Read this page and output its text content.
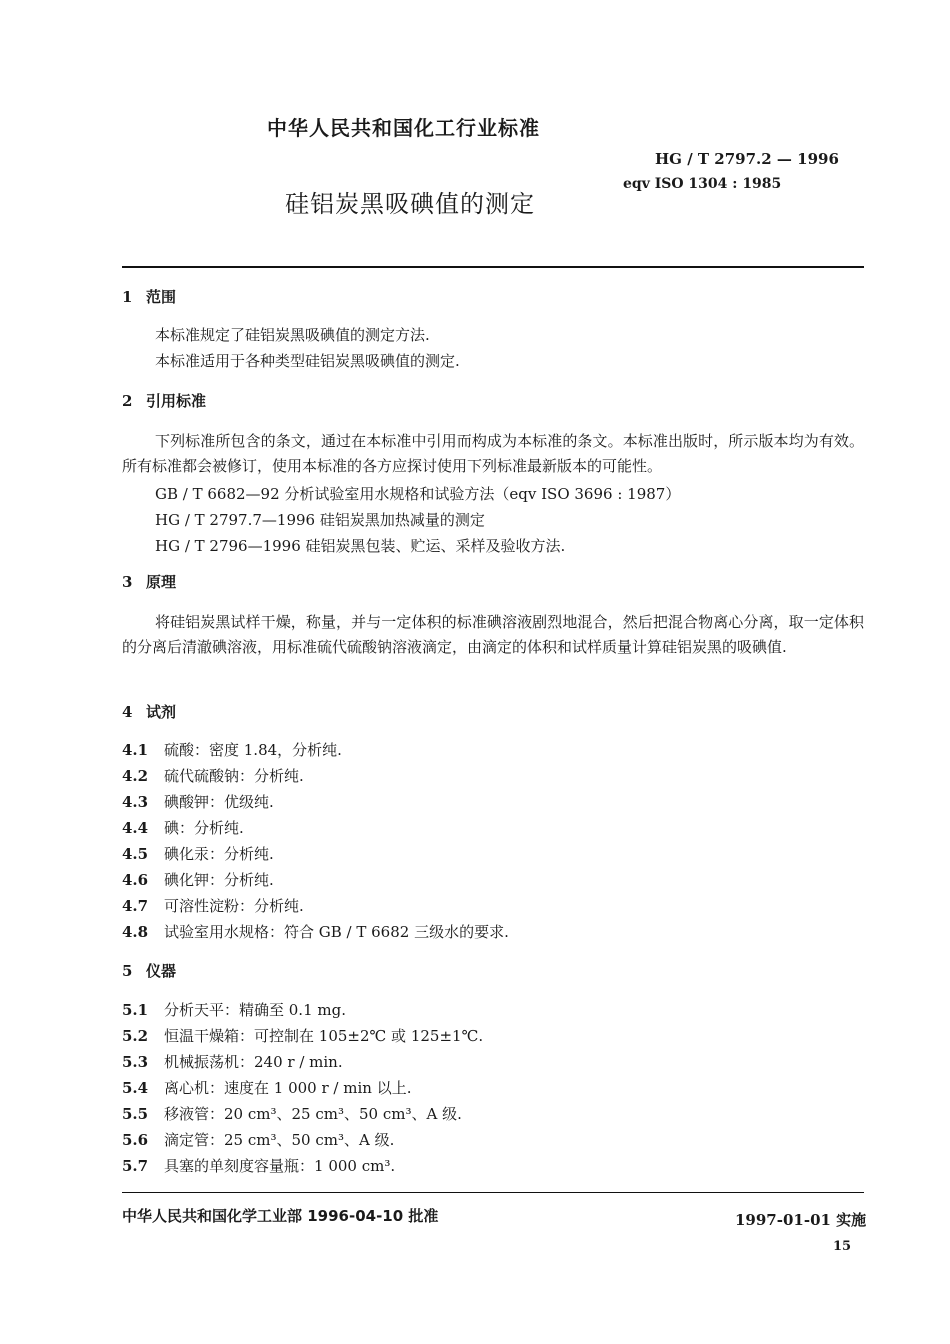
中华人民共和国化工行业标准
HG / T 2797.2 — 1996
eqv ISO 1304 : 1985
硅铝炭黑吸碘值的测定
1 范围
本标准规定了硅铝炭黑吸碘值的测定方法.
本标准适用于各种类型硅铝炭黑吸碘值的测定.
2 引用标准
下列标准所包含的条文，通过在本标准中引用而构成为本标准的条文。本标准出版时，所示版本均为有效。所有标准都会被修订，使用本标准的各方应探讨使用下列标准最新版本的可能性。
GB / T 6682—92 分析试验室用水规格和试验方法（eqv ISO 3696 : 1987）
HG / T 2797.7—1996 硅铝炭黑加热减量的测定
HG / T 2796—1996 硅铝炭黑包装、贮运、采样及验收方法.
3 原理
将硅铝炭黑试样干燥，称量，并与一定体积的标准碘溶液剧烈地混合，然后把混合物离心分离，取一定体积的分离后清澈碘溶液，用标准硫代硫酸钠溶液滴定，由滴定的体积和试样质量计算硅铝炭黑的吸碘值.
4 试剂
4.1 硫酸：密度 1.84，分析纯.
4.2 硫代硫酸钠：分析纯.
4.3 碘酸钾：优级纯.
4.4 碘：分析纯.
4.5 碘化汞：分析纯.
4.6 碘化钾：分析纯.
4.7 可溶性淀粉：分析纯.
4.8 试验室用水规格：符合 GB / T 6682 三级水的要求.
5 仪器
5.1 分析天平：精确至 0.1 mg.
5.2 恒温干燥箱：可控制在 105±2℃ 或 125±1℃.
5.3 机械振荡机：240 r / min.
5.4 离心机：速度在 1 000 r / min 以上.
5.5 移液管：20 cm³、25 cm³、50 cm³、A 级.
5.6 滴定管：25 cm³、50 cm³、A 级.
5.7 具塞的单刻度容量瓶：1 000 cm³.
中华人民共和国化学工业部 1996-04-10 批准	1997-01-01 实施
15
